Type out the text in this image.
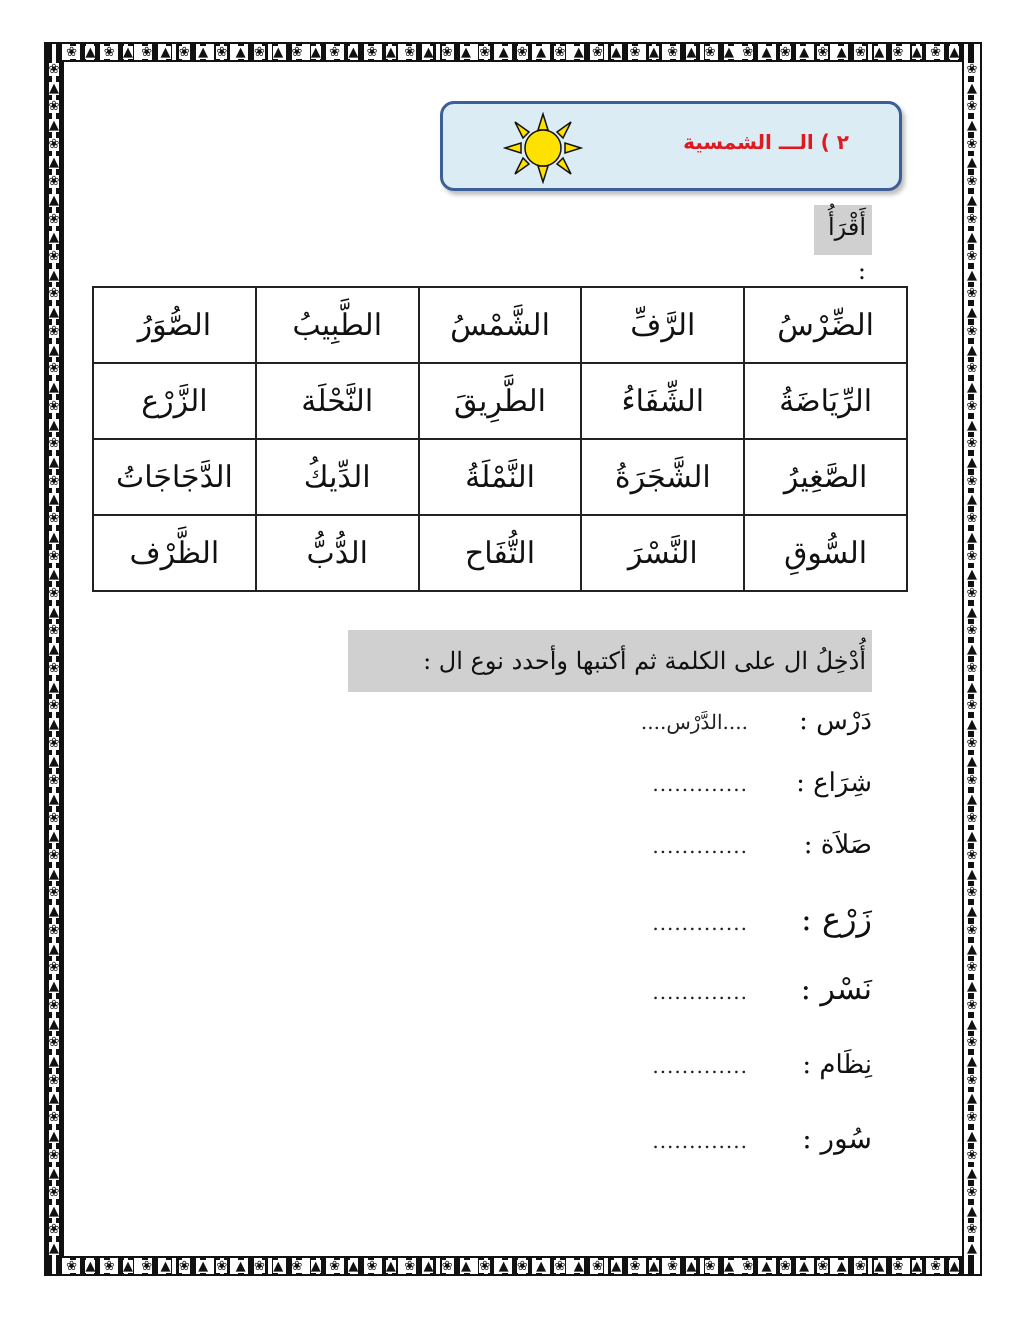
❀ ▲ ❀ ▲ ❀ ▲ ❀ ▲ ❀ ▲ ❀ ▲ ❀ ▲ ❀ ▲ ❀ ▲ ❀ ▲ ❀ ▲ ❀ ▲ ❀ ▲ ❀ ▲ ❀ ▲ ❀ ▲ ❀ ▲ ❀ ▲ ❀ ▲ ❀ ▲ ❀ ▲ ❀ ▲ ❀ ▲ ❀ ▲
❀ ▲ ❀ ▲ ❀ ▲ ❀ ▲ ❀ ▲ ❀ ▲ ❀ ▲ ❀ ▲ ❀ ▲ ❀ ▲ ❀ ▲ ❀ ▲ ❀ ▲ ❀ ▲ ❀ ▲ ❀ ▲ ❀ ▲ ❀ ▲ ❀ ▲ ❀ ▲ ❀ ▲ ❀ ▲ ❀ ▲ ❀ ▲
❀
▲
❀
▲
❀
▲
❀
▲
❀
▲
❀
▲
❀
▲
❀
▲
❀
▲
❀
▲
❀
▲
❀
▲
❀
▲
❀
▲
❀
▲
❀
▲
❀
▲
❀
▲
❀
▲
❀
▲
❀
▲
❀
▲
❀
▲
❀
▲
❀
▲
❀
▲
❀
▲
❀
▲
❀
▲
❀
▲
❀
▲
❀
▲
❀
▲
❀
▲
❀
▲
❀
▲
❀
▲
❀
▲
❀
▲
❀
▲
❀
▲
❀
▲
❀
▲
❀
▲
❀
▲
❀
▲
❀
▲
❀
▲
❀
▲
❀
▲
❀
▲
❀
▲
❀
▲
❀
▲
❀
▲
❀
▲
❀
▲
❀
▲
❀
▲
❀
▲
❀
▲
❀
▲
❀
▲
❀
▲
٢ ) الـــ الشمسية
أَقْرَأُ :
الضِّرْسُ	الرَّفِّ	الشَّمْسُ	الطَّبِيبُ	الصُّوَرُ
الرِّيَاضَةُ	الشِّفَاءُ	الطَّرِيقَ	النَّحْلَة	الزَّرْع
الصَّغِيرُ	الشَّجَرَةُ	النَّمْلَةُ	الدِّيكُ	الدَّجَاجَاتُ
السُّوقِ	النَّسْرَ	التُّفَاح	الدُّبُّ	الظَّرْف
أُدْخِلُ ال على الكلمة ثم أكتبها وأحدد نوع ال :
دَرْس :
....الدَّرْس....
شِرَاع :
.............
صَلاَة :
.............
زَرْع :
.............
نَسْر :
.............
نِظَام :
.............
سُور :
.............
